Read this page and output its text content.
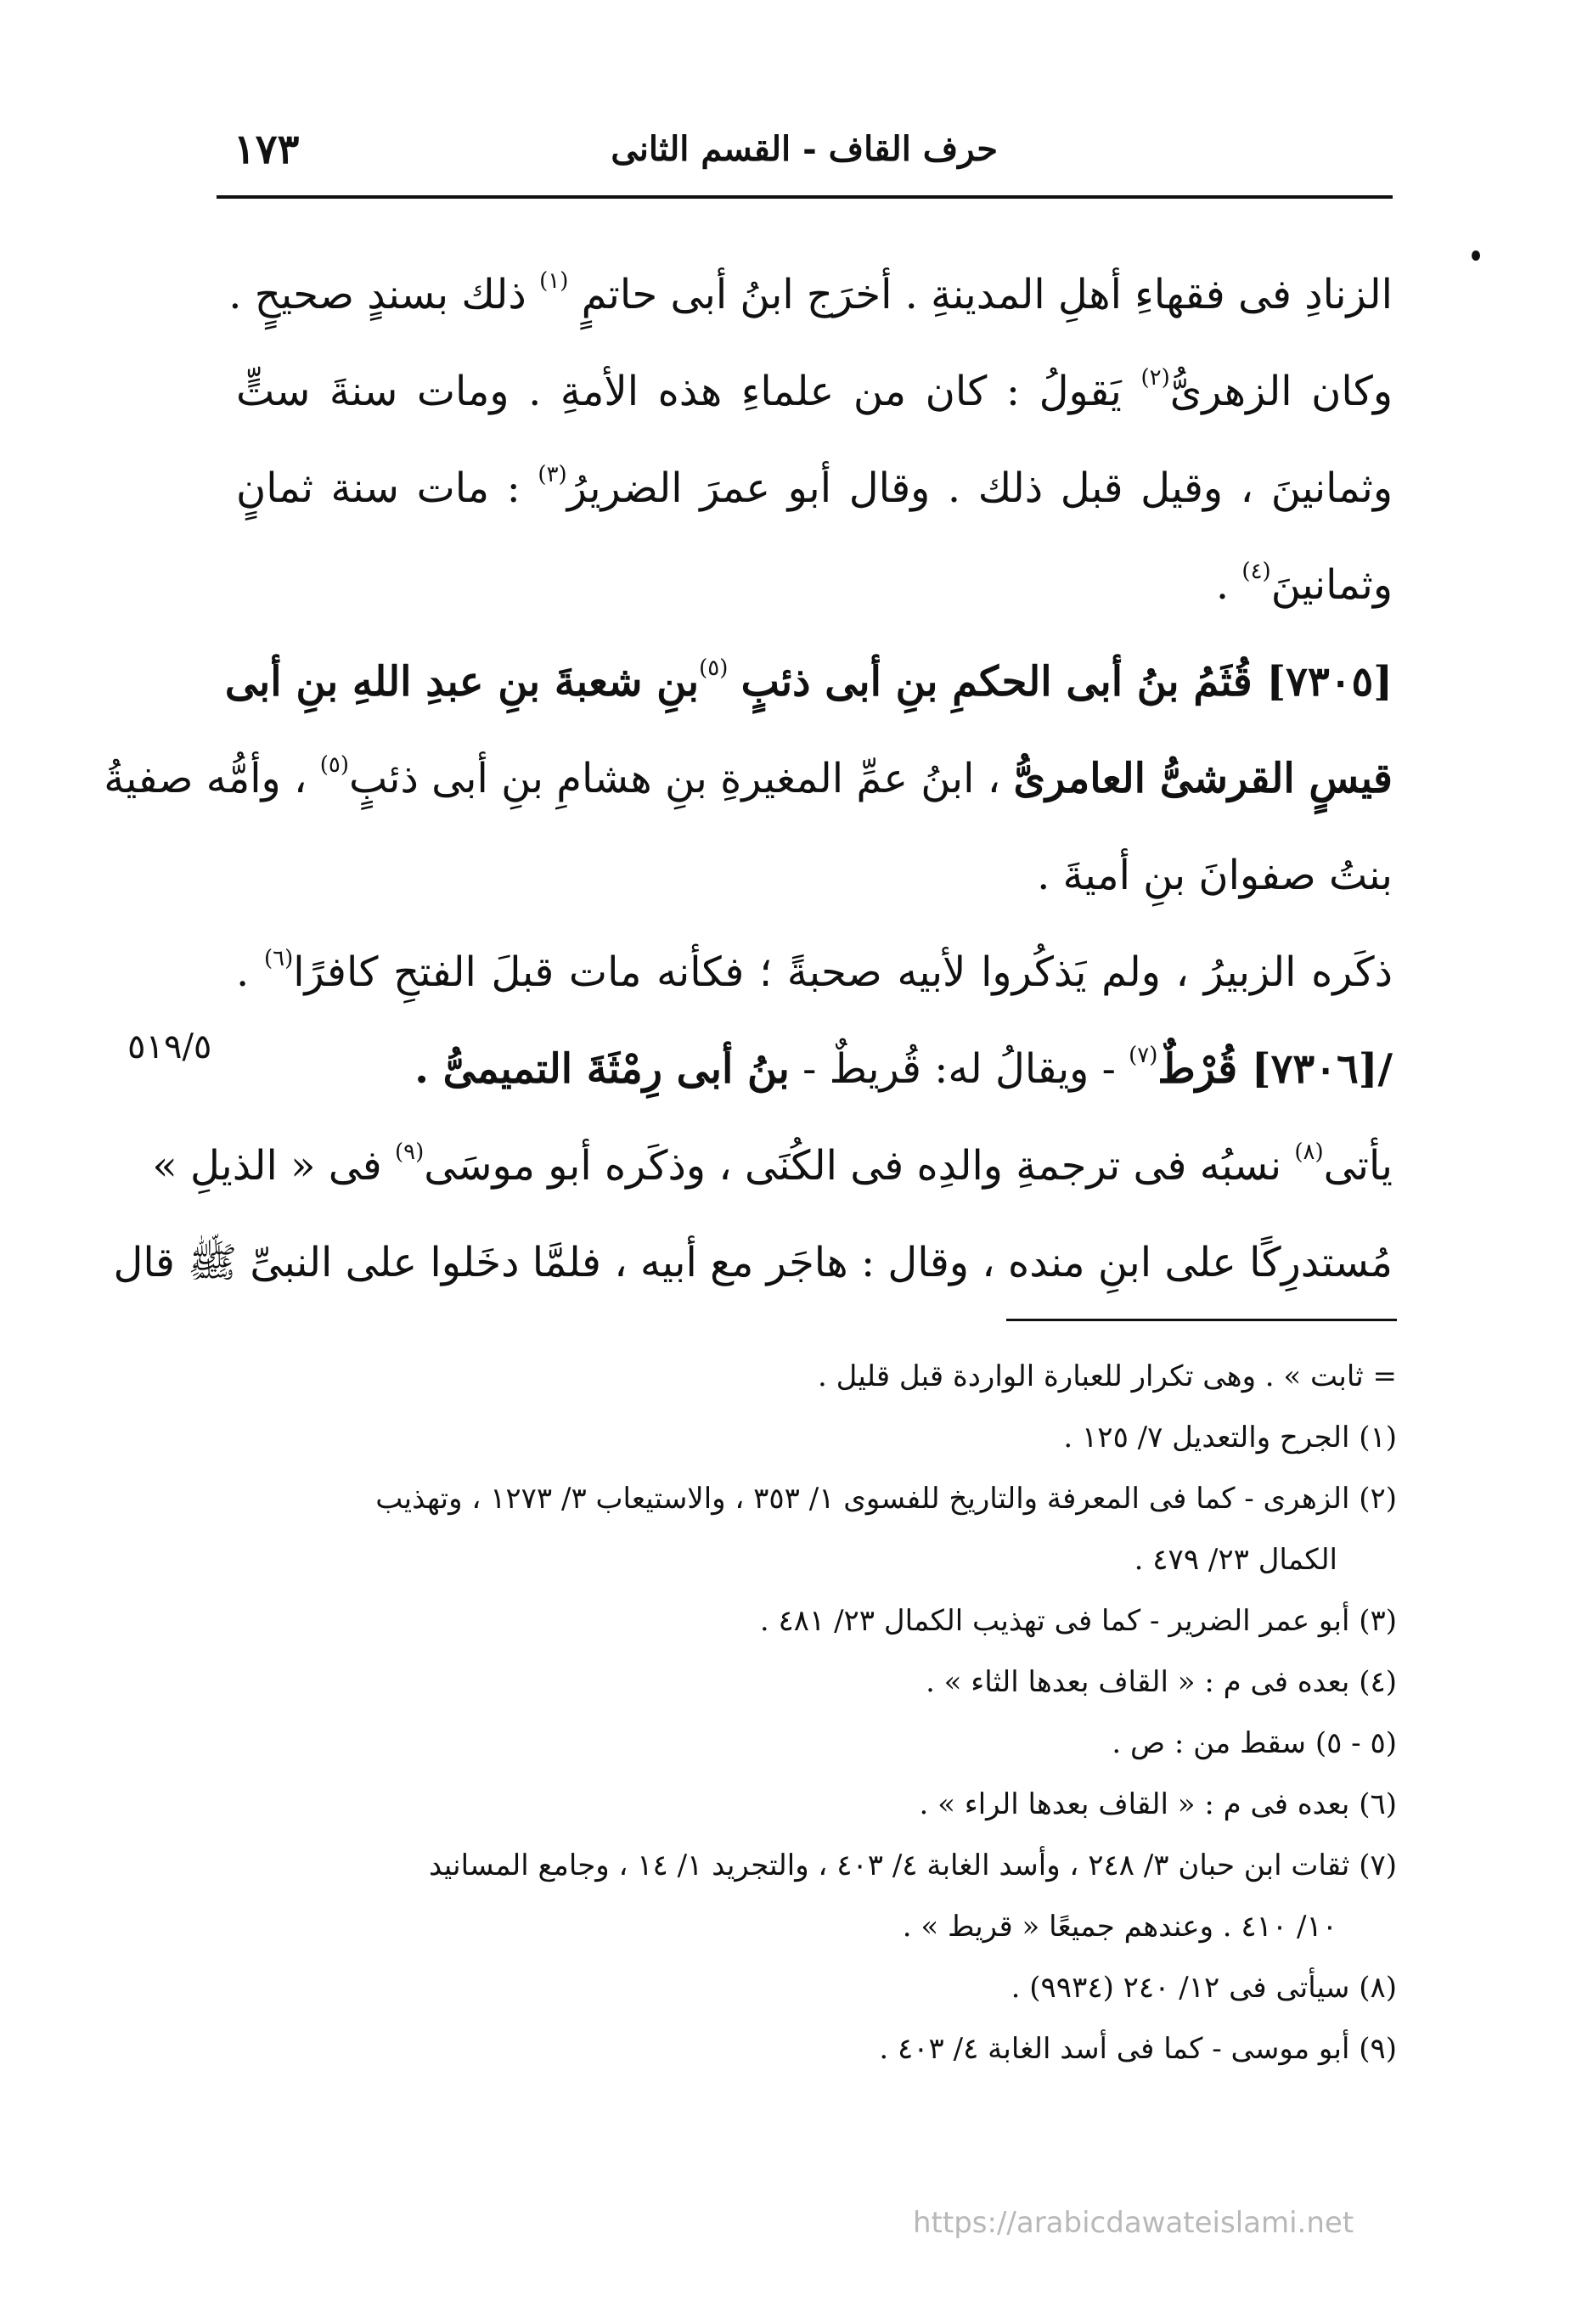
حرف القاف - القسم الثانى
١٧٣
الزنادِ فى فقهاءِ أهلِ المدينةِ . أخرَج ابنُ أبى حاتمٍ $^{(١)}$ ذلك بسندٍ صحيحٍ .
وكان الزهرىُّ$^{(٢)}$ يَقولُ : كان من علماءِ هذه الأمةِ . ومات سنةَ ستٍّ
وثمانينَ ، وقيل قبل ذلك . وقال أبو عمرَ الضريرُ$^{(٣)}$ : مات سنة ثمانٍ
وثمانينَ$^{(٤)}$ .
[٧٣٠٥] قُثَمُ بنُ أبى الحكمِ بنِ أبى ذئبٍ $^{(٥)}$بنِ شعبةَ بنِ عبدِ اللهِ بنِ أبى
قيسٍ القرشىُّ العامرىُّ ، ابنُ عمِّ المغيرةِ بنِ هشامِ بنِ أبى ذئبٍ$^{(٥)}$ ، وأمُّه صفيةُ
بنتُ صفوانَ بنِ أميةَ .
ذكَره الزبيرُ ، ولم يَذكُروا لأبيه صحبةً ؛ فكأنه مات قبلَ الفتحِ كافرًا$^{(٦)}$ .
/[٧٣٠٦] قُرْطٌ$^{(٧)}$ - ويقالُ له: قُريطٌ - بنُ أبى رِمْثَةَ التميمىُّ .
يأتى$^{(٨)}$ نسبُه فى ترجمةِ والدِه فى الكُنَى ، وذكَره أبو موسَى$^{(٩)}$ فى « الذيلِ »
مُستدرِكًا على ابنِ منده ، وقال : هاجَر مع أبيه ، فلمَّا دخَلوا على النبىِّ ﷺ قال
٥١٩/٥
= ثابت » . وهى تكرار للعبارة الواردة قبل قليل .
(١) الجرح والتعديل ٧/ ١٢٥ .
(٢) الزهرى - كما فى المعرفة والتاريخ للفسوى ١/ ٣٥٣ ، والاستيعاب ٣/ ١٢٧٣ ، وتهذيب
الكمال ٢٣/ ٤٧٩ .
(٣) أبو عمر الضرير - كما فى تهذيب الكمال ٢٣/ ٤٨١ .
(٤) بعده فى م : « القاف بعدها الثاء » .
(٥ - ٥) سقط من : ص .
(٦) بعده فى م : « القاف بعدها الراء » .
(٧) ثقات ابن حبان ٣/ ٢٤٨ ، وأسد الغابة ٤/ ٤٠٣ ، والتجريد ١/ ١٤ ، وجامع المسانيد
١٠/ ٤١٠ . وعندهم جميعًا « قريط » .
(٨) سيأتى فى ١٢/ ٢٤٠ (٩٩٣٤) .
(٩) أبو موسى - كما فى أسد الغابة ٤/ ٤٠٣ .
https://arabicdawateislami.net
